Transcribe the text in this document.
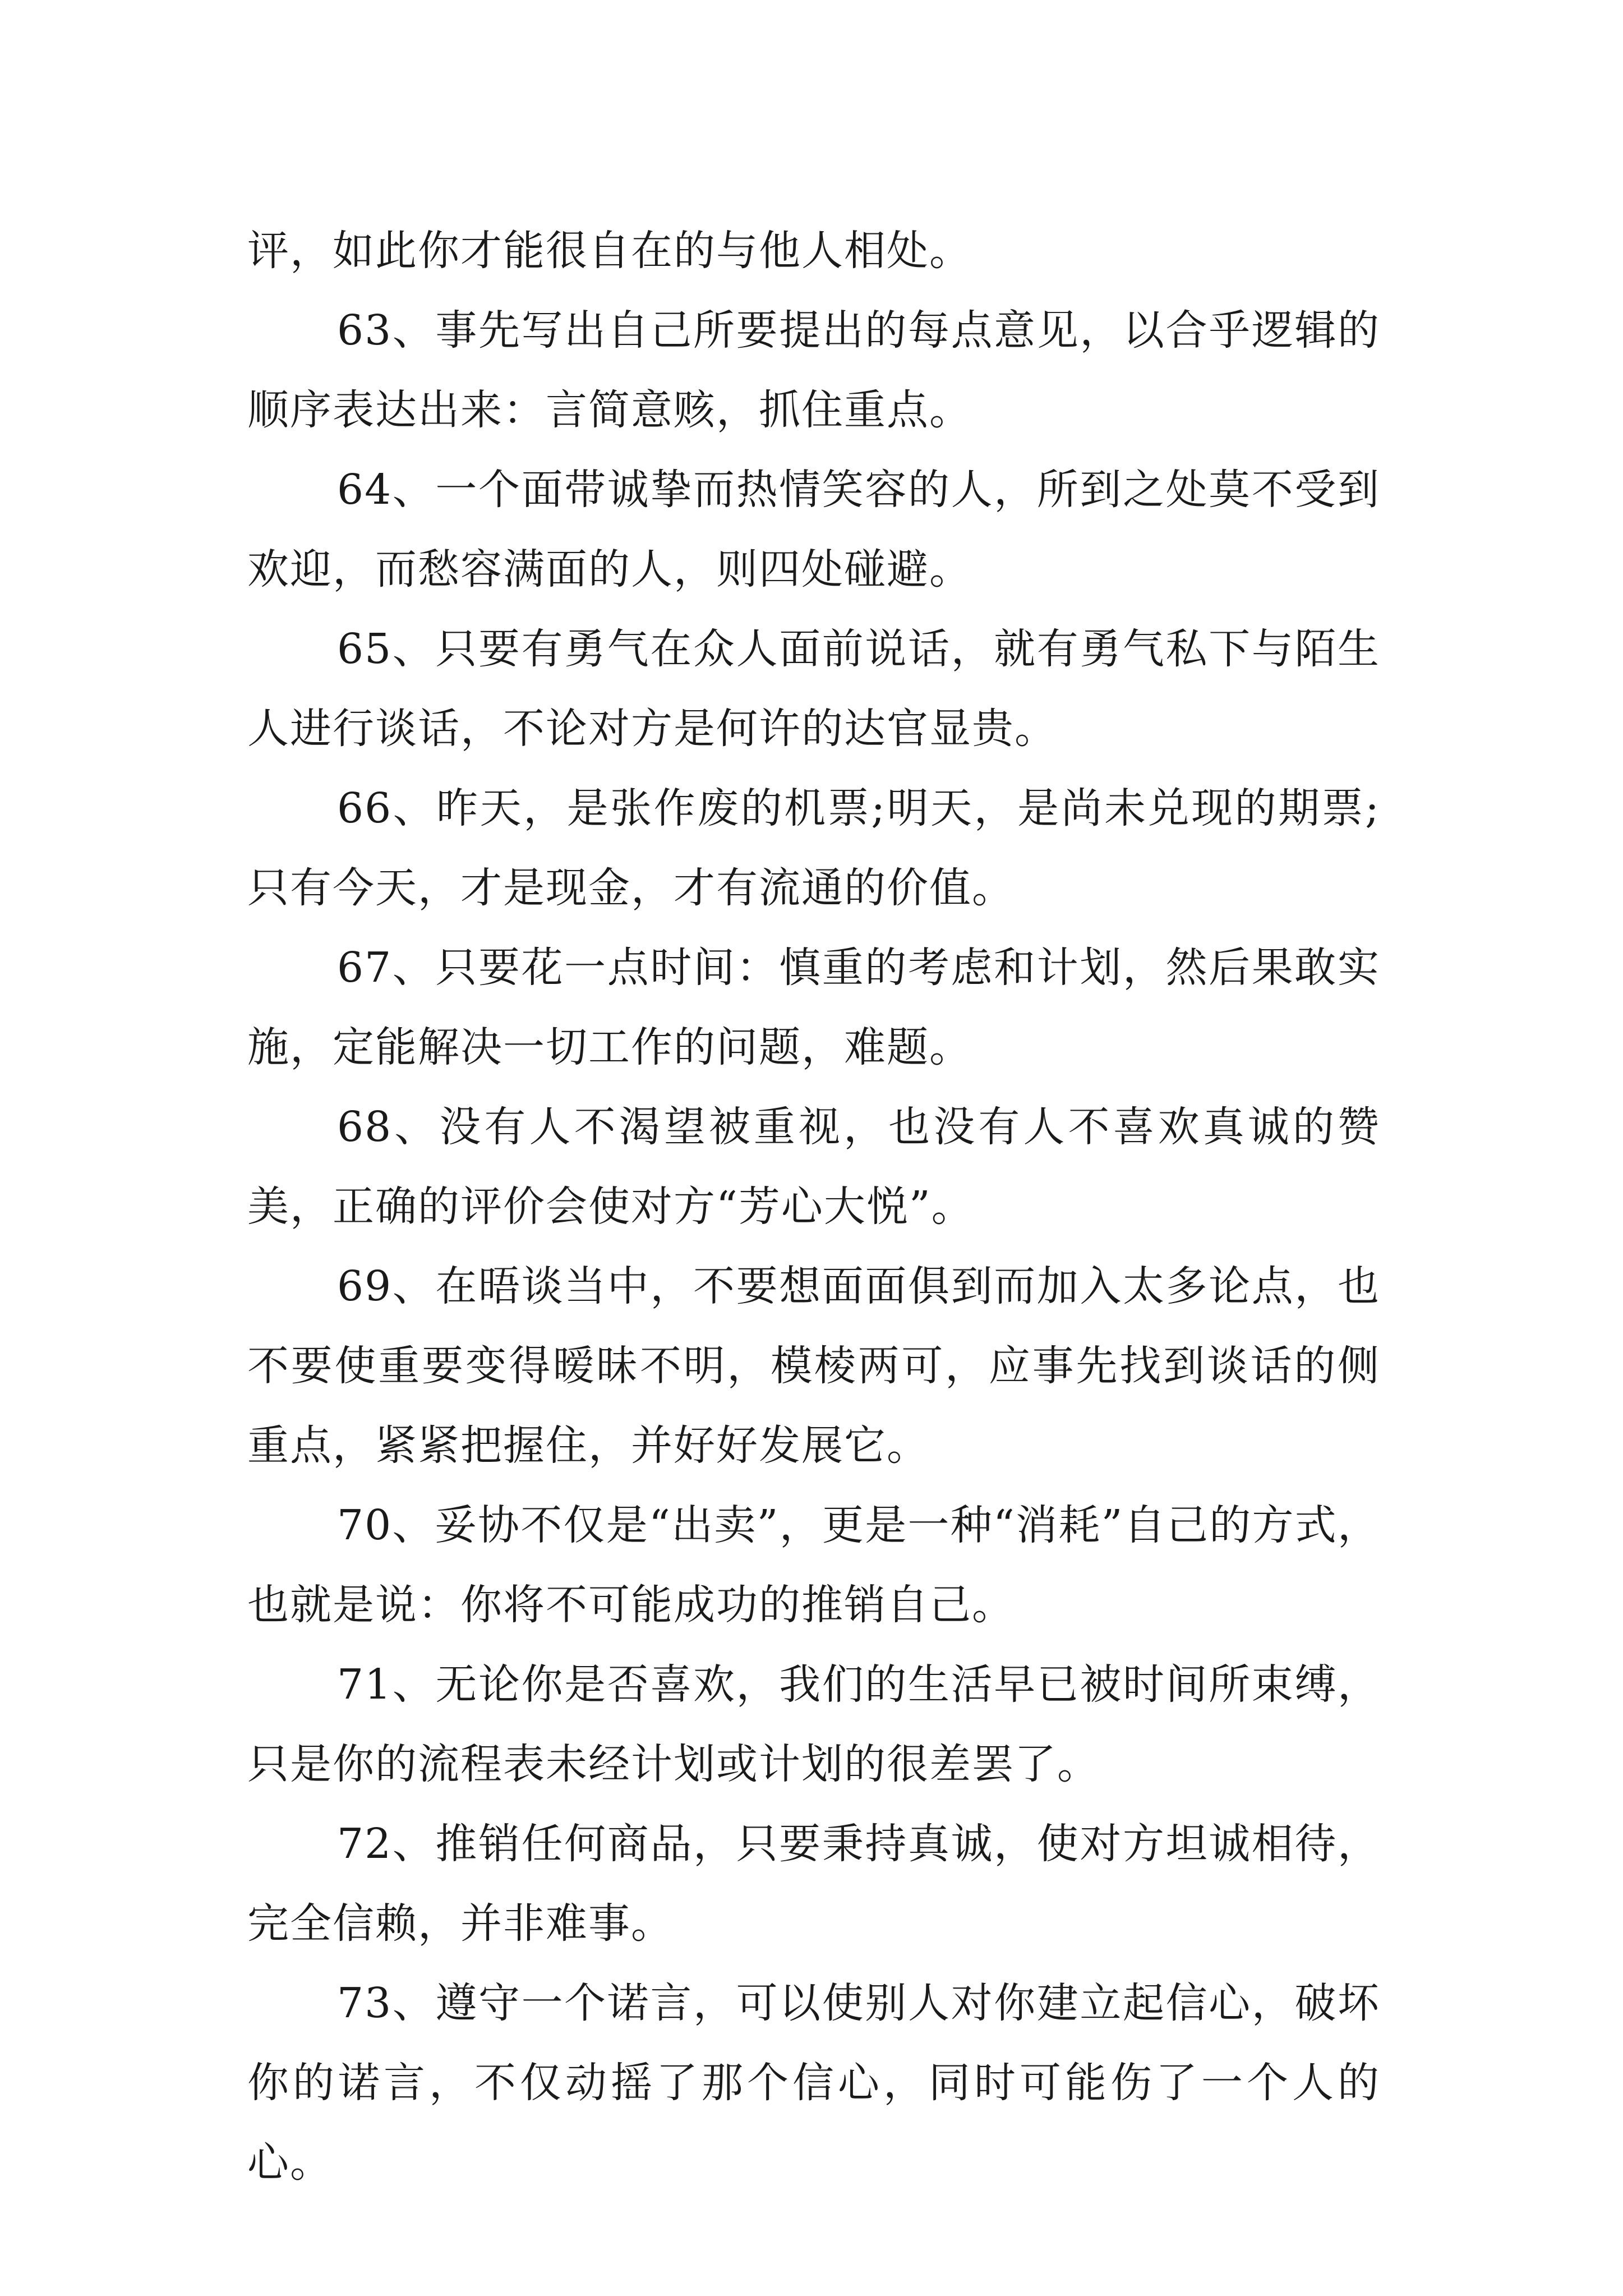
评，如此你才能很自在的与他人相处。

63、事先写出自己所要提出的每点意见，以合乎逻辑的顺序表达出来：言简意赅，抓住重点。

64、一个面带诚挚而热情笑容的人，所到之处莫不受到欢迎，而愁容满面的人，则四处碰避。

65、只要有勇气在众人面前说话，就有勇气私下与陌生人进行谈话，不论对方是何许的达官显贵。

66、昨天，是张作废的机票;明天，是尚未兑现的期票;只有今天，才是现金，才有流通的价值。

67、只要花一点时间：慎重的考虑和计划，然后果敢实施，定能解决一切工作的问题，难题。

68、没有人不渴望被重视，也没有人不喜欢真诚的赞美，正确的评价会使对方“芳心大悦”。

69、在晤谈当中，不要想面面俱到而加入太多论点，也不要使重要变得暧昧不明，模棱两可，应事先找到谈话的侧重点，紧紧把握住，并好好发展它。

70、妥协不仅是“出卖”，更是一种“消耗”自己的方式，也就是说：你将不可能成功的推销自己。

71、无论你是否喜欢，我们的生活早已被时间所束缚，只是你的流程表未经计划或计划的很差罢了。

72、推销任何商品，只要秉持真诚，使对方坦诚相待，完全信赖，并非难事。

73、遵守一个诺言，可以使别人对你建立起信心，破坏你的诺言，不仅动摇了那个信心，同时可能伤了一个人的心。
